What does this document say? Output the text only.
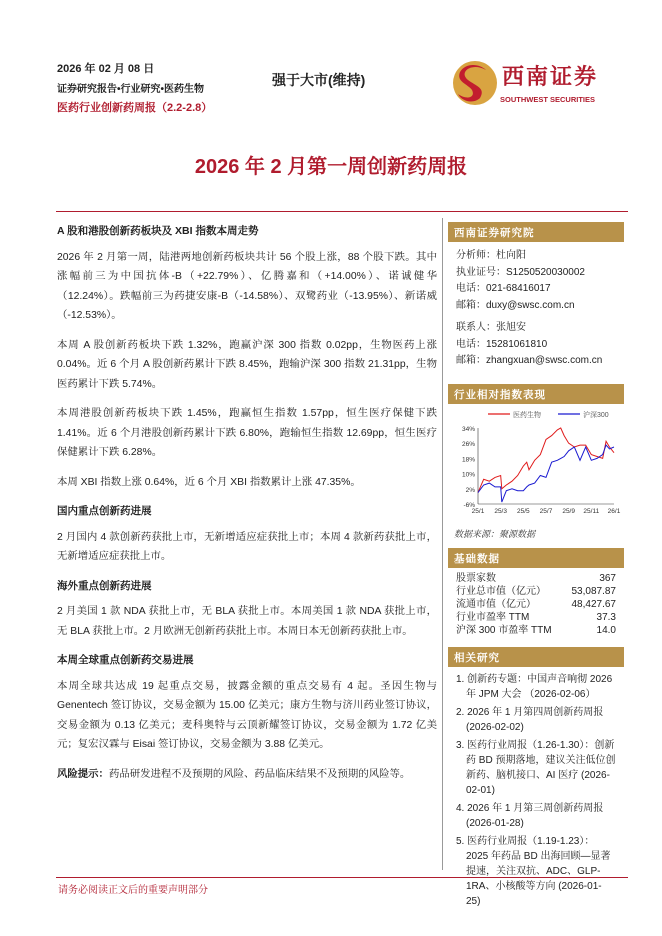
2026 年 02 月 08 日
证券研究报告•行业研究•医药生物
医药行业创新药周报（2.2-2.8）
强于大市(维持)	西南证券
SOUTHWEST SECURITIES
2026 年 2 月第一周创新药周报
A 股和港股创新药板块及 XBI 指数本周走势

2026 年 2 月第一周，陆港两地创新药板块共计 56 个股上涨，88 个股下跌。其中涨幅前三为中国抗体-B（+22.79%）、亿腾嘉和（+14.00%）、诺诚健华（12.24%）。跌幅前三为药捷安康-B（-14.58%）、双鹭药业（-13.95%）、新诺威（-12.53%）。

本周 A 股创新药板块下跌 1.32%，跑赢沪深 300 指数 0.02pp，生物医药上涨 0.04%。近 6 个月 A 股创新药累计下跌 8.45%，跑输沪深 300 指数 21.31pp，生物医药累计下跌 5.74%。

本周港股创新药板块下跌 1.45%，跑赢恒生指数 1.57pp，恒生医疗保健下跌 1.41%。近 6 个月港股创新药累计下跌 6.80%，跑输恒生指数 12.69pp，恒生医疗保健累计下跌 6.28%。

本周 XBI 指数上涨 0.64%，近 6 个月 XBI 指数累计上涨 47.35%。

国内重点创新药进展

2 月国内 4 款创新药获批上市，无新增适应症获批上市；本周 4 款新药获批上市，无新增适应症获批上市。

海外重点创新药进展

2 月美国 1 款 NDA 获批上市，无 BLA 获批上市。本周美国 1 款 NDA 获批上市，无 BLA 获批上市。2 月欧洲无创新药获批上市。本周日本无创新药获批上市。

本周全球重点创新药交易进展

本周全球共达成 19 起重点交易，披露金额的重点交易有 4 起。圣因生物与 Genentech 签订协议，交易金额为 15.00 亿美元；康方生物与济川药业签订协议，交易金额为 0.13 亿美元；麦科奥特与云顶新耀签订协议，交易金额为 1.72 亿美元；复宏汉霖与 Eisai 签订协议，交易金额为 3.88 亿美元。

风险提示：药品研发进程不及预期的风险、药品临床结果不及预期的风险等。

西南证券研究院
分析师：杜向阳
执业证号：S1250520030002
电话：021-68416017
邮箱：duxy@swsc.com.cn
联系人：张旭安
电话：15281061810
邮箱：zhangxuan@swsc.com.cn
行业相对指数表现
-6%
2%
10%
18%
26%
34%
25/1 25/3 25/5 25/7 25/9 25/11 26/1
医药生物	沪深300
数据来源：聚源数据
基础数据
股票家数	367
行业总市值（亿元）	53,087.87
流通市值（亿元）	48,427.67
行业市盈率 TTM	37.3
沪深 300 市盈率 TTM	14.0
相关研究
1. 创新药专题：中国声音响彻 2026 年 JPM 大会 （2026-02-06）
2. 2026 年 1 月第四周创新药周报 (2026-02-02)
3. 医药行业周报（1.26-1.30）：创新药 BD 预期落地，建议关注低位创新药、脑机接口、AI 医疗 (2026-02-01)
4. 2026 年 1 月第三周创新药周报 (2026-01-28)
5. 医药行业周报（1.19-1.23）：2025 年药品 BD 出海回顾—显著提速，关注双抗、ADC、GLP-1RA、小核酸等方向 (2026-01-25)
请务必阅读正文后的重要声明部分
